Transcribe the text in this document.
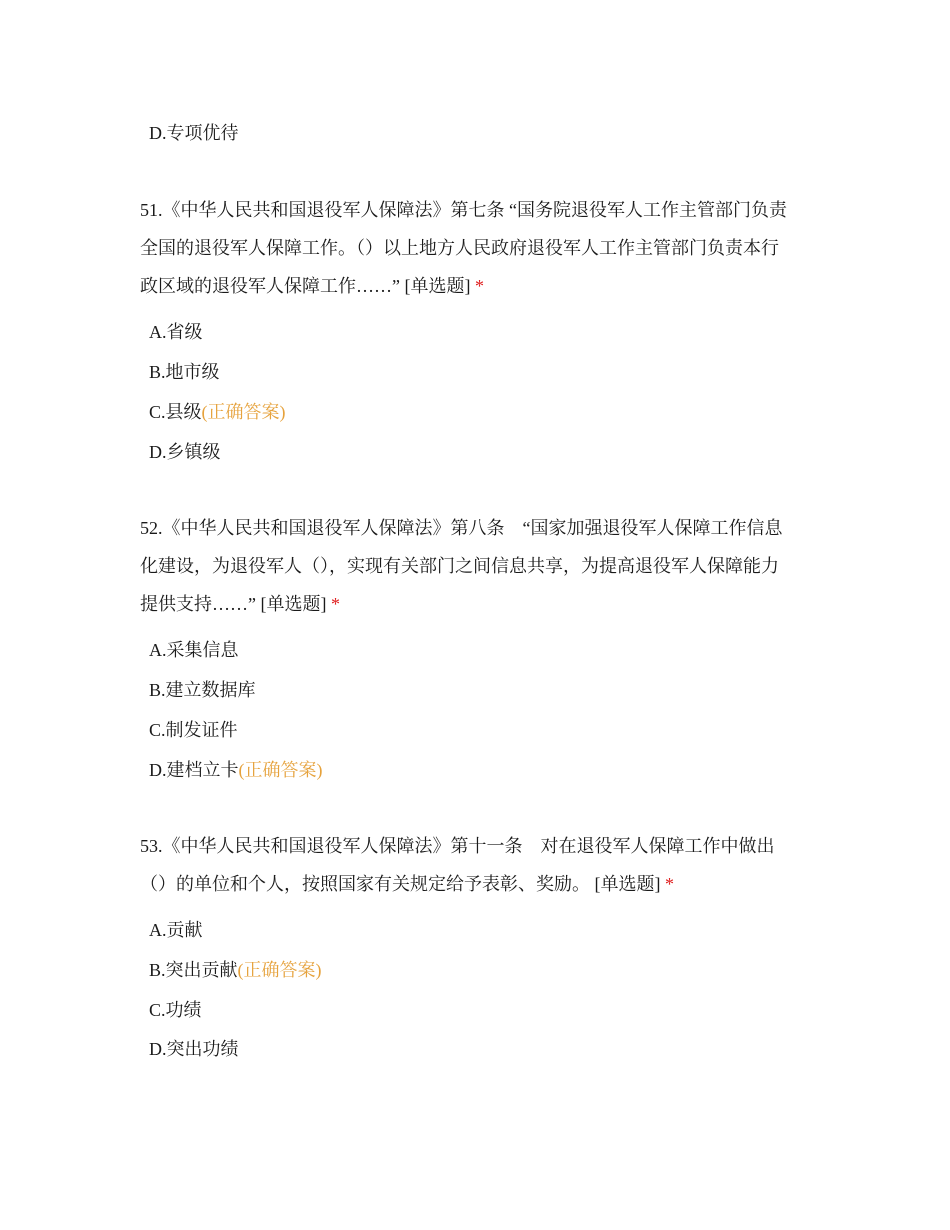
D.专项优待
51.《中华人民共和国退役军人保障法》第七条 “国务院退役军人工作主管部门负责
全国的退役军人保障工作。（）以上地方人民政府退役军人工作主管部门负责本行
政区域的退役军人保障工作……” [单选题] *
A.省级
B.地市级
C.县级(正确答案)
D.乡镇级
52.《中华人民共和国退役军人保障法》第八条　“国家加强退役军人保障工作信息
化建设，为退役军人（），实现有关部门之间信息共享，为提高退役军人保障能力
提供支持……” [单选题] *
A.采集信息
B.建立数据库
C.制发证件
D.建档立卡(正确答案)
53.《中华人民共和国退役军人保障法》第十一条　对在退役军人保障工作中做出
（）的单位和个人，按照国家有关规定给予表彰、奖励。 [单选题] *
A.贡献
B.突出贡献(正确答案)
C.功绩
D.突出功绩
